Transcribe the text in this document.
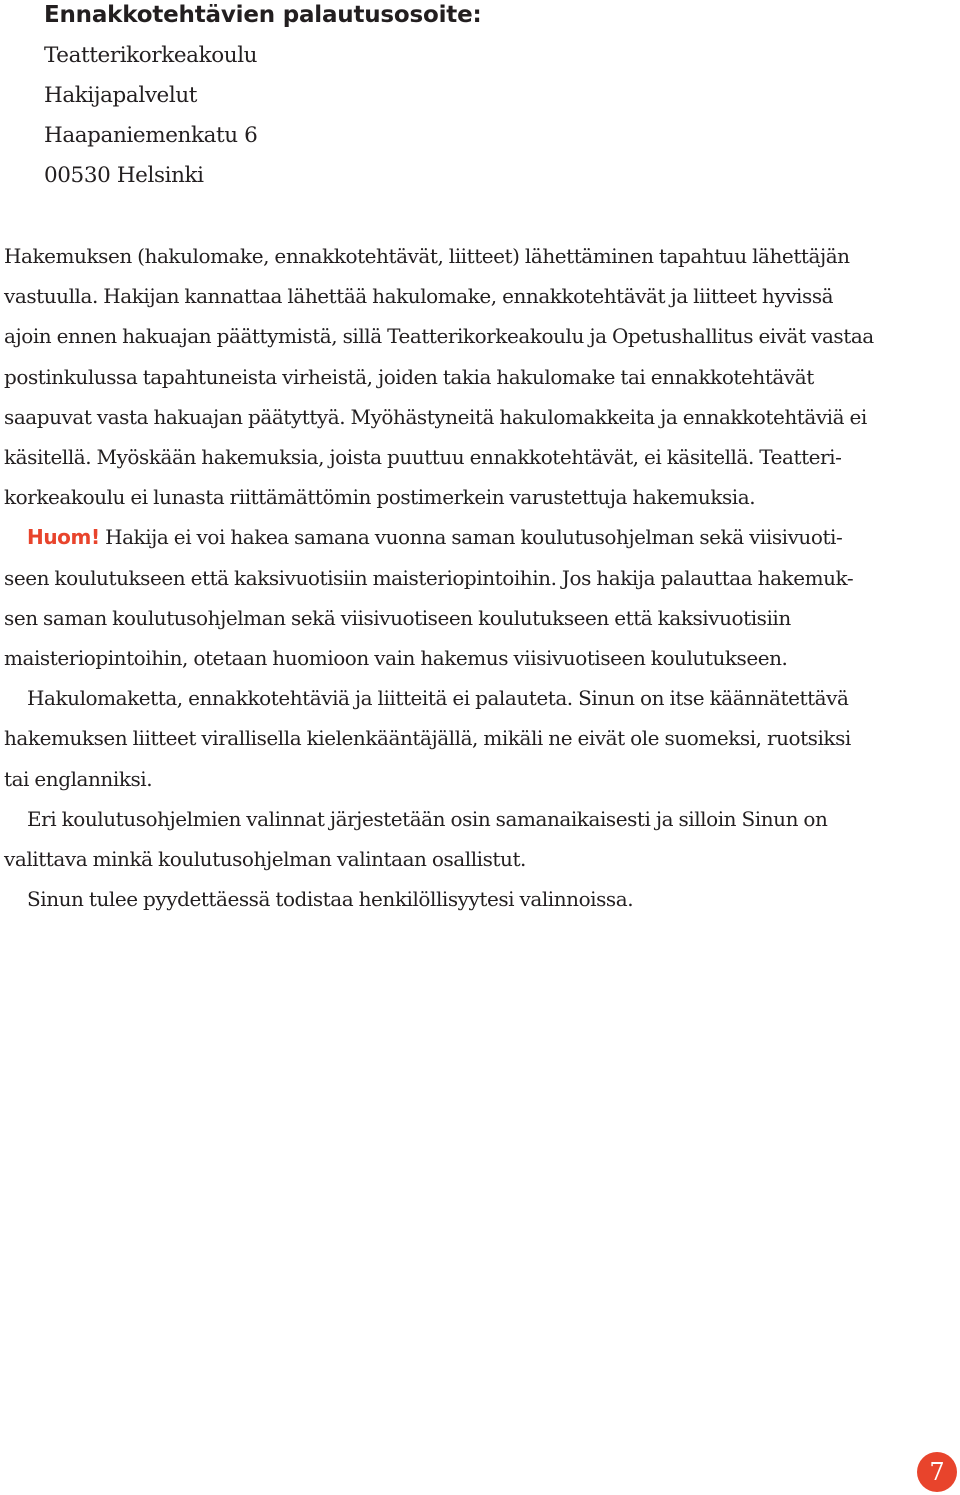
Ennakkotehtävien palautusosoite:
Teatterikorkeakoulu
Hakijapalvelut
Haapaniemenkatu 6
00530 Helsinki

Hakemuksen (hakulomake, ennakkotehtävät, liitteet) lähettäminen tapahtuu lähettäjän
vastuulla. Hakijan kannattaa lähettää hakulomake, ennakkotehtävät ja liitteet hyvissä
ajoin ennen hakuajan päättymistä, sillä Teatterikorkeakoulu ja Opetushallitus eivät vastaa
postinkulussa tapahtuneista virheistä, joiden takia hakulomake tai ennakkotehtävät
saapuvat vasta hakuajan päätyttyä. Myöhästyneitä hakulomakkeita ja ennakkotehtäviä ei
käsitellä. Myöskään hakemuksia, joista puuttuu ennakkotehtävät, ei käsitellä. Teatteri-
korkeakoulu ei lunasta riittämättömin postimerkein varustettuja hakemuksia.

Huom! Hakija ei voi hakea samana vuonna saman koulutusohjelman sekä viisivuoti-
seen koulutukseen että kaksivuotisiin maisteriopintoihin. Jos hakija palauttaa hakemuk-
sen saman koulutusohjelman sekä viisivuotiseen koulutukseen että kaksivuotisiin
maisteriopintoihin, otetaan huomioon vain hakemus viisivuotiseen koulutukseen.

Hakulomaketta, ennakkotehtäviä ja liitteitä ei palauteta. Sinun on itse käännätettävä
hakemuksen liitteet virallisella kielenkääntäjällä, mikäli ne eivät ole suomeksi, ruotsiksi
tai englanniksi.

Eri koulutusohjelmien valinnat järjestetään osin samanaikaisesti ja silloin Sinun on
valittava minkä koulutusohjelman valintaan osallistut.

Sinun tulee pyydettäessä todistaa henkilöllisyytesi valinnoissa.

7
